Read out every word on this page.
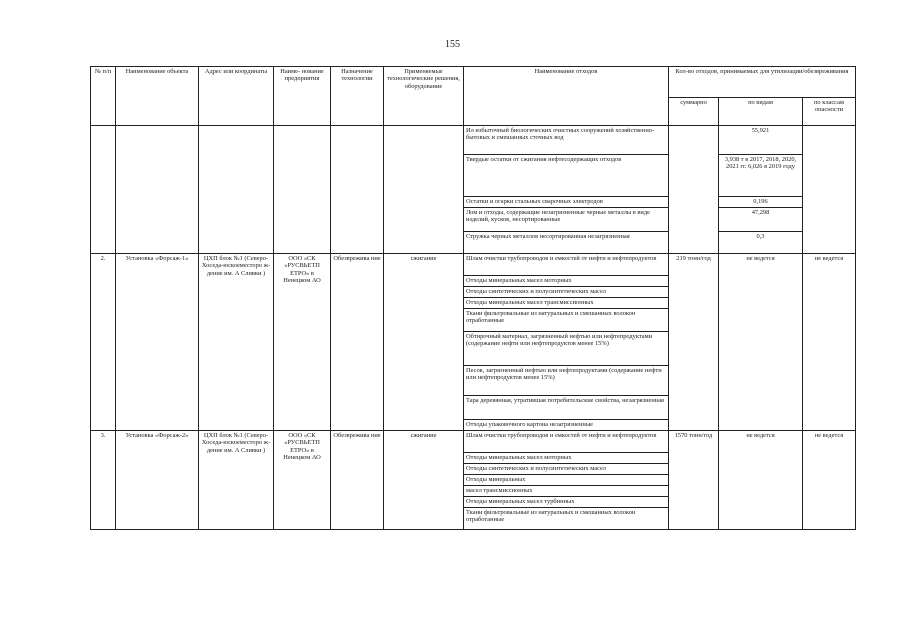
155
№ п/п	Наименование объекта	Адрес или координаты	Наиме- нование предприятия	Назначение технологии	Применяемые технологические решения, оборудование	Наименование отходов	Кол-во отходов, принимаемых для утилизации/обезвреживания		
							суммарно	по видам	по классам опасности
						Ил избыточный биологических очистных сооружений хозяйственно-бытовых и смешанных сточных вод		55,921	
						Твердые остатки от сжигания нефтесодержащих отходов		3,938 т в 2017, 2018, 2020, 2021 гг. 6,026 в 2019 году	
						Остатки и огарки стальных сварочных электродов		0,196	
						Лом и отходы, содержащие незагрязненные черные металлы в виде изделий, кусков, несортированные		47,298	
						Стружка черных металлов несортированная незагрязненная		0,3	
2.	Установка «Форсаж-1»	ЦХП блок №1 (Северо-Хоседа-юскоеместоро ж-дение им. А Сливки )	ООО «СК «РУСВЬЕТП ЕТРО» в Ненецком АО	Обезврежива ние	сжигание	Шлам очистки трубопроводов и емкостей от нефти и нефтепродуктов	219 тонн/год	не ведется	не ведется
						Отходы минеральных масел моторных			
						Отходы синтетических и полусинтетических масел			
						Отходы минеральных масел трансмиссионных			
						Ткани фильтровальные из натуральных и смешанных волокон отработанные			
						Обтирочный материал, загрязненный нефтью или нефтепродуктами (содержание нефти или нефтепродуктов менее 15%)			
						Песок, загрязненный нефтью или нефтепродуктами (содержание нефти или нефтепродуктов менее 15%)			
						Тара деревянная, утратившая потребительские свойства, незагрязненная			
						Отходы упаковочного картона незагрязненные			
3.	Установка «Форсаж-2»	ЦХП блок №1 (Северо-Хоседа-юскоеместоро ж-дение им. А Сливки )	ООО «СК «РУСВЬЕТП ЕТРО» в Ненецком АО	Обезврежива ние	сжигание	Шлам очистки трубопроводов и емкостей от нефти и нефтепродуктов	1570 тонн/год	не ведется	не ведется
						Отходы минеральных масел моторных			
						Отходы синтетических и полусинтетических масел			
						Отходы минеральных			
						масел трансмиссионных			
						Отходы минеральных масел турбинных			
						Ткани фильтровальные из натуральных и смешанных волокон отработанные			
